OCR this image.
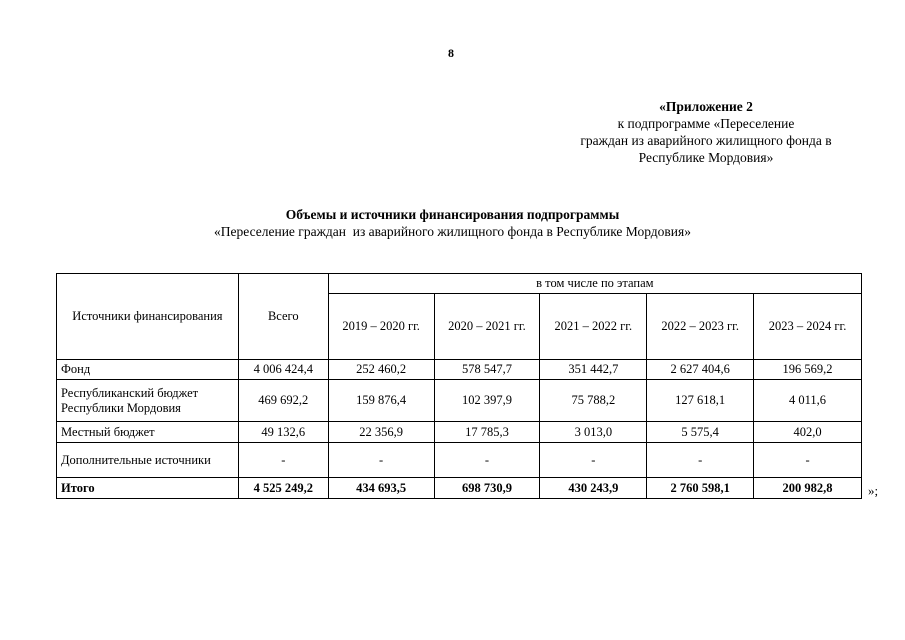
8
«Приложение 2
к подпрограмме «Переселение
граждан из аварийного жилищного фонда в
Республике Мордовия»
Объемы и источники финансирования подпрограммы
«Переселение граждан  из аварийного жилищного фонда в Республике Мордовия»
Источники финансирования	Всего	в том числе по этапам				
		2019 – 2020 гг.	2020 – 2021 гг.	2021 – 2022 гг.	2022 – 2023 гг.	2023 – 2024 гг.
Фонд	4 006 424,4	252 460,2	578 547,7	351 442,7	2 627 404,6	196 569,2
Республиканский бюджет Республики Мордовия	469 692,2	159 876,4	102 397,9	75 788,2	127 618,1	4 011,6
Местный бюджет	49 132,6	22 356,9	17 785,3	3 013,0	5 575,4	402,0
Дополнительные источники	-	-	-	-	-	-
Итого	4 525 249,2	434 693,5	698 730,9	430 243,9	2 760 598,1	200 982,8	»;
